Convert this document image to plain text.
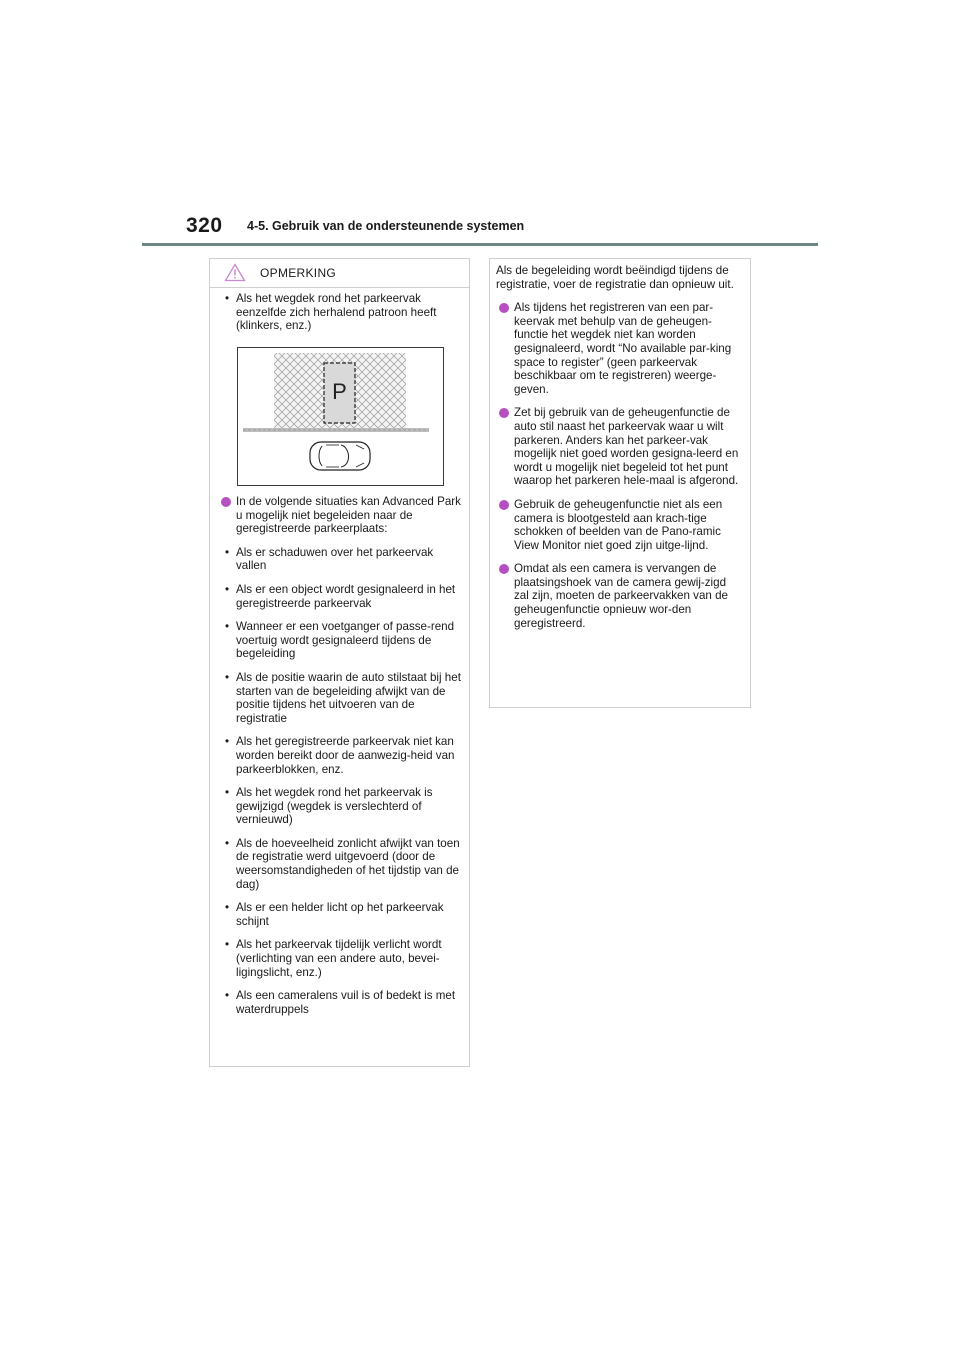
320 4-5. Gebruik van de ondersteunende systemen
OPMERKING
• Als het wegdek rond het parkeervak eenzelfde zich herhalend patroon heeft (klinkers, enz.)
P
In de volgende situaties kan Advanced Park u mogelijk niet begeleiden naar de geregistreerde parkeerplaats:
• Als er schaduwen over het parkeervak vallen
• Als er een object wordt gesignaleerd in het geregistreerde parkeervak
• Wanneer er een voetganger of passe-rend voertuig wordt gesignaleerd tijdens de begeleiding
• Als de positie waarin de auto stilstaat bij het starten van de begeleiding afwijkt van de positie tijdens het uitvoeren van de registratie
• Als het geregistreerde parkeervak niet kan worden bereikt door de aanwezig-heid van parkeerblokken, enz.
• Als het wegdek rond het parkeervak is gewijzigd (wegdek is verslechterd of vernieuwd)
• Als de hoeveelheid zonlicht afwijkt van toen de registratie werd uitgevoerd (door de weersomstandigheden of het tijdstip van de dag)
• Als er een helder licht op het parkeervak schijnt
• Als het parkeervak tijdelijk verlicht wordt (verlichting van een andere auto, bevei-ligingslicht, enz.)
• Als een cameralens vuil is of bedekt is met waterdruppels
Als de begeleiding wordt beëindigd tijdens de registratie, voer de registratie dan opnieuw uit.
Als tijdens het registreren van een par-keervak met behulp van de geheugen-functie het wegdek niet kan worden gesignaleerd, wordt “No available par-king space to register” (geen parkeervak beschikbaar om te registreren) weerge-geven.
Zet bij gebruik van de geheugenfunctie de auto stil naast het parkeervak waar u wilt parkeren. Anders kan het parkeer-vak mogelijk niet goed worden gesigna-leerd en wordt u mogelijk niet begeleid tot het punt waarop het parkeren hele-maal is afgerond.
Gebruik de geheugenfunctie niet als een camera is blootgesteld aan krach-tige schokken of beelden van de Pano-ramic View Monitor niet goed zijn uitge-lijnd.
Omdat als een camera is vervangen de plaatsingshoek van de camera gewij-zigd zal zijn, moeten de parkeervakken van de geheugenfunctie opnieuw wor-den geregistreerd.
